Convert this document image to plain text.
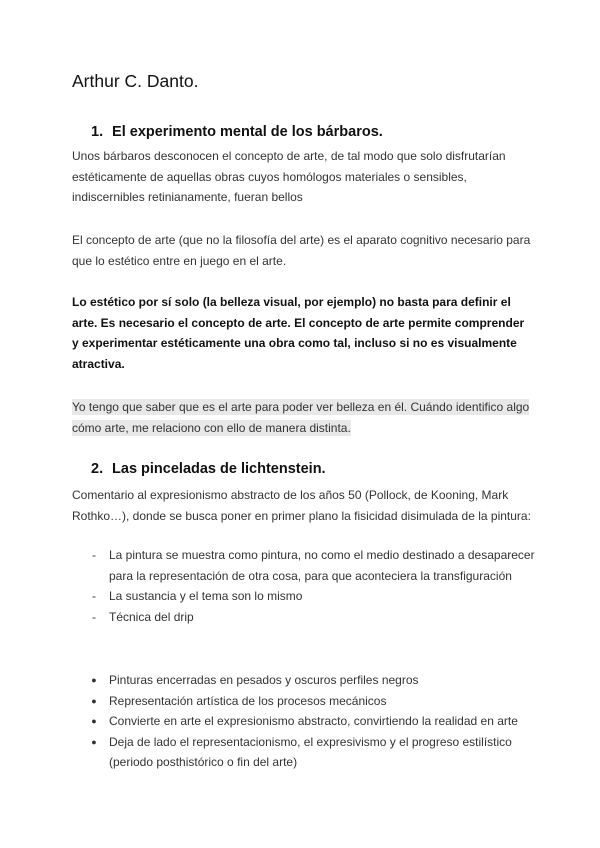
Arthur C. Danto.
1. El experimento mental de los bárbaros.

Unos bárbaros desconocen el concepto de arte, de tal modo que solo disfrutarían estéticamente de aquellas obras cuyos homólogos materiales o sensibles, indiscernibles retinianamente, fueran bellos

El concepto de arte (que no la filosofía del arte) es el aparato cognitivo necesario para que lo estético entre en juego en el arte.

Lo estético por sí solo (la belleza visual, por ejemplo) no basta para definir el arte. Es necesario el concepto de arte. El concepto de arte permite comprender y experimentar estéticamente una obra como tal, incluso si no es visualmente atractiva.

Yo tengo que saber que es el arte para poder ver belleza en él. Cuándo identifico algo cómo arte, me relaciono con ello de manera distinta.

2. Las pinceladas de lichtenstein.

Comentario al expresionismo abstracto de los años 50 (Pollock, de Kooning, Mark Rothko…), donde se busca poner en primer plano la fisicidad disimulada de la pintura:

-	La pintura se muestra como pintura, no como el medio destinado a desaparecer para la representación de otra cosa, para que aconteciera la transfiguración
-	La sustancia y el tema son lo mismo
-	Técnica del drip
● Pinturas encerradas en pesados y oscuros perfiles negros
● Representación artística de los procesos mecánicos
● Convierte en arte el expresionismo abstracto, convirtiendo la realidad en arte
● Deja de lado el representacionismo, el expresivismo y el progreso estilístico (periodo posthistórico o fin del arte)
